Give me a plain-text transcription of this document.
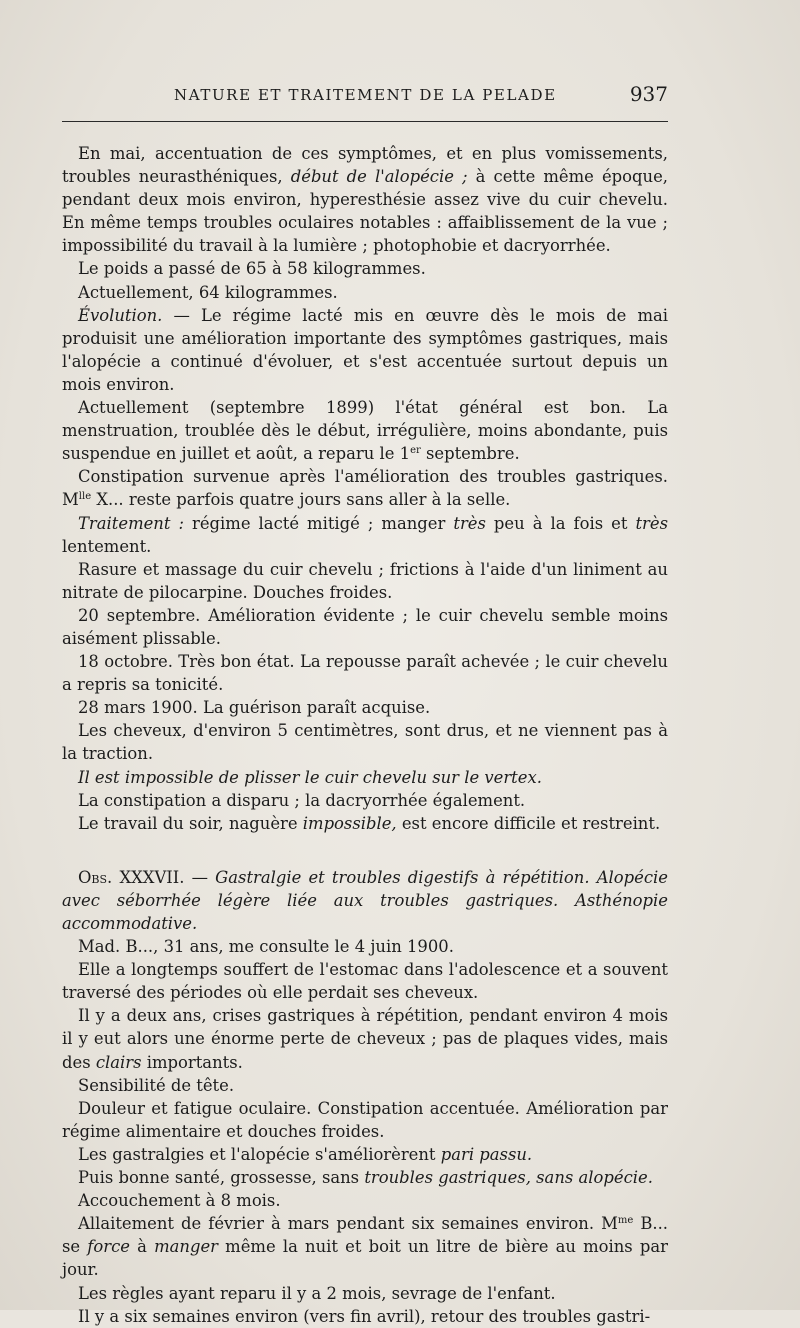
NATURE ET TRAITEMENT DE LA PELADE	937

En mai, accentuation de ces symptômes, et en plus vomissements, troubles neurasthéniques, début de l'alopécie ; à cette même époque, pendant deux mois environ, hyperesthésie assez vive du cuir chevelu. En même temps troubles oculaires notables : affaiblissement de la vue ; impossibilité du travail à la lumière ; photophobie et dacryorrhée.

Le poids a passé de 65 à 58 kilogrammes.

Actuellement, 64 kilogrammes.

Évolution. — Le régime lacté mis en œuvre dès le mois de mai produisit une amélioration importante des symptômes gastriques, mais l'alopécie a continué d'évoluer, et s'est accentuée surtout depuis un mois environ.

Actuellement (septembre 1899) l'état général est bon. La menstruation, troublée dès le début, irrégulière, moins abondante, puis suspendue en juillet et août, a reparu le 1er septembre.

Constipation survenue après l'amélioration des troubles gastriques. $M^{lle}$ X... reste parfois quatre jours sans aller à la selle.

Traitement : régime lacté mitigé ; manger très peu à la fois et très lentement.

Rasure et massage du cuir chevelu ; frictions à l'aide d'un liniment au nitrate de pilocarpine. Douches froides.

20 septembre. Amélioration évidente ; le cuir chevelu semble moins aisément plissable.

18 octobre. Très bon état. La repousse paraît achevée ; le cuir chevelu a repris sa tonicité.

28 mars 1900. La guérison paraît acquise.

Les cheveux, d'environ 5 centimètres, sont drus, et ne viennent pas à la traction.

Il est impossible de plisser le cuir chevelu sur le vertex.

La constipation a disparu ; la dacryorrhée également.

Le travail du soir, naguère impossible, est encore difficile et restreint.

Obs. XXXVII. — Gastralgie et troubles digestifs à répétition. Alopécie avec séborrhée légère liée aux troubles gastriques. Asthénopie accommodative.

Mad. B..., 31 ans, me consulte le 4 juin 1900.

Elle a longtemps souffert de l'estomac dans l'adolescence et a souvent traversé des périodes où elle perdait ses cheveux.

Il y a deux ans, crises gastriques à répétition, pendant environ 4 mois il y eut alors une énorme perte de cheveux ; pas de plaques vides, mais des clairs importants.

Sensibilité de tête.

Douleur et fatigue oculaire. Constipation accentuée. Amélioration par régime alimentaire et douches froides.

Les gastralgies et l'alopécie s'améliorèrent pari passu.

Puis bonne santé, grossesse, sans troubles gastriques, sans alopécie.

Accouchement à 8 mois.

Allaitement de février à mars pendant six semaines environ. $M^{me}$ B... se force à manger même la nuit et boit un litre de bière au moins par jour.

Les règles ayant reparu il y a 2 mois, sevrage de l'enfant.

Il y a six semaines environ (vers fin avril), retour des troubles gastri-
